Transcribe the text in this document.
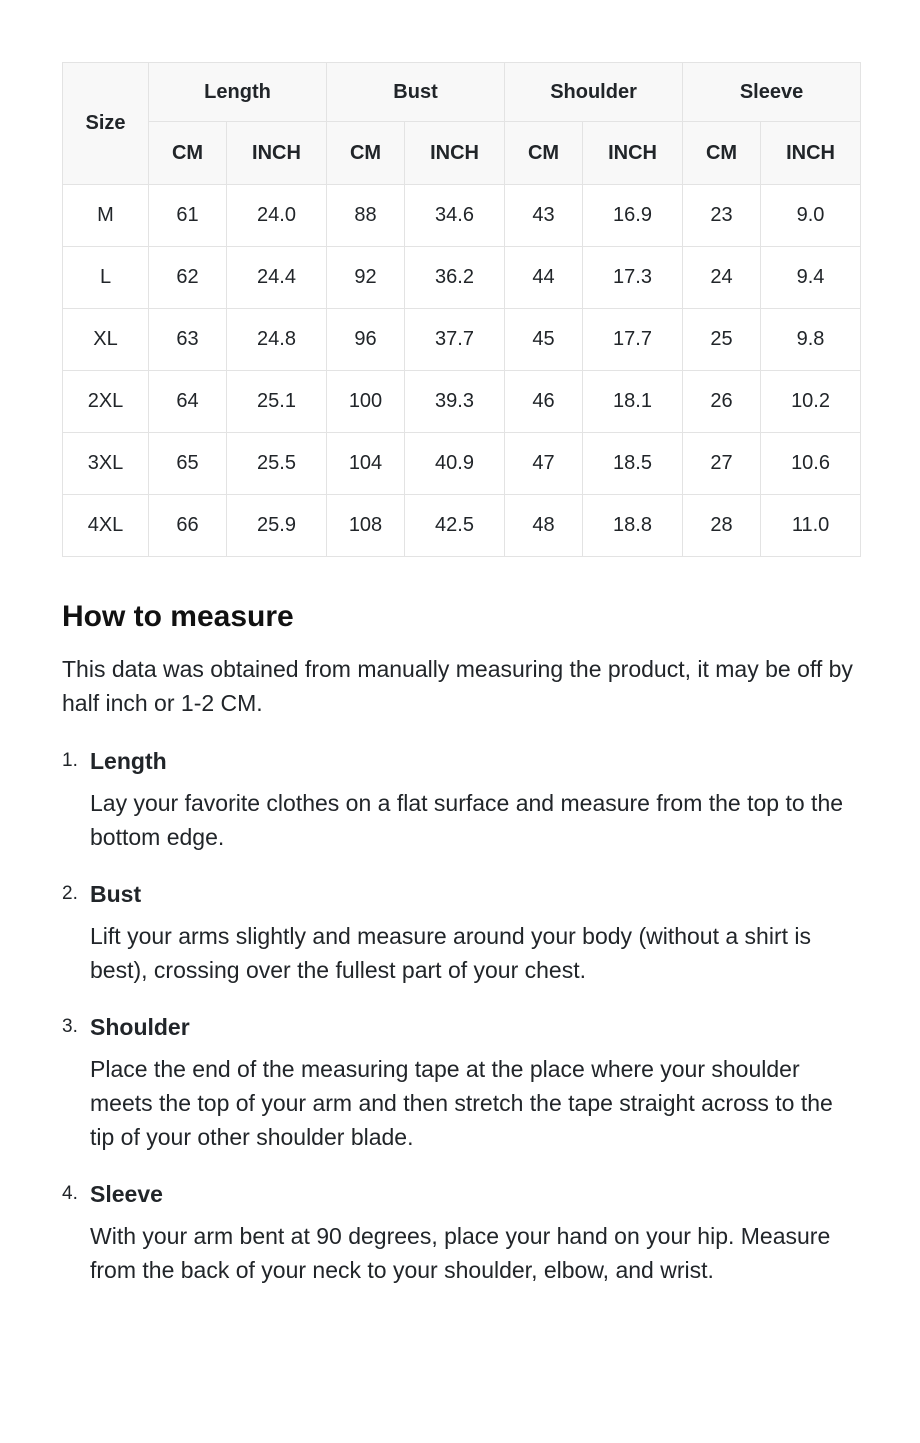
Size	Length		Bust		Shoulder		Sleeve	
	CM	INCH	CM	INCH	CM	INCH	CM	INCH
M	61	24.0	88	34.6	43	16.9	23	9.0
L	62	24.4	92	36.2	44	17.3	24	9.4
XL	63	24.8	96	37.7	45	17.7	25	9.8
2XL	64	25.1	100	39.3	46	18.1	26	10.2
3XL	65	25.5	104	40.9	47	18.5	27	10.6
4XL	66	25.9	108	42.5	48	18.8	28	11.0
How to measure

This data was obtained from manually measuring the product, it may be off by half inch or 1-2 CM.

1. Length

Lay your favorite clothes on a flat surface and measure from the top to the bottom edge.

2. Bust

Lift your arms slightly and measure around your body (without a shirt is best), crossing over the fullest part of your chest.

3. Shoulder

Place the end of the measuring tape at the place where your shoulder meets the top of your arm and then stretch the tape straight across to the tip of your other shoulder blade.

4. Sleeve

With your arm bent at 90 degrees, place your hand on your hip. Measure from the back of your neck to your shoulder, elbow, and wrist.
